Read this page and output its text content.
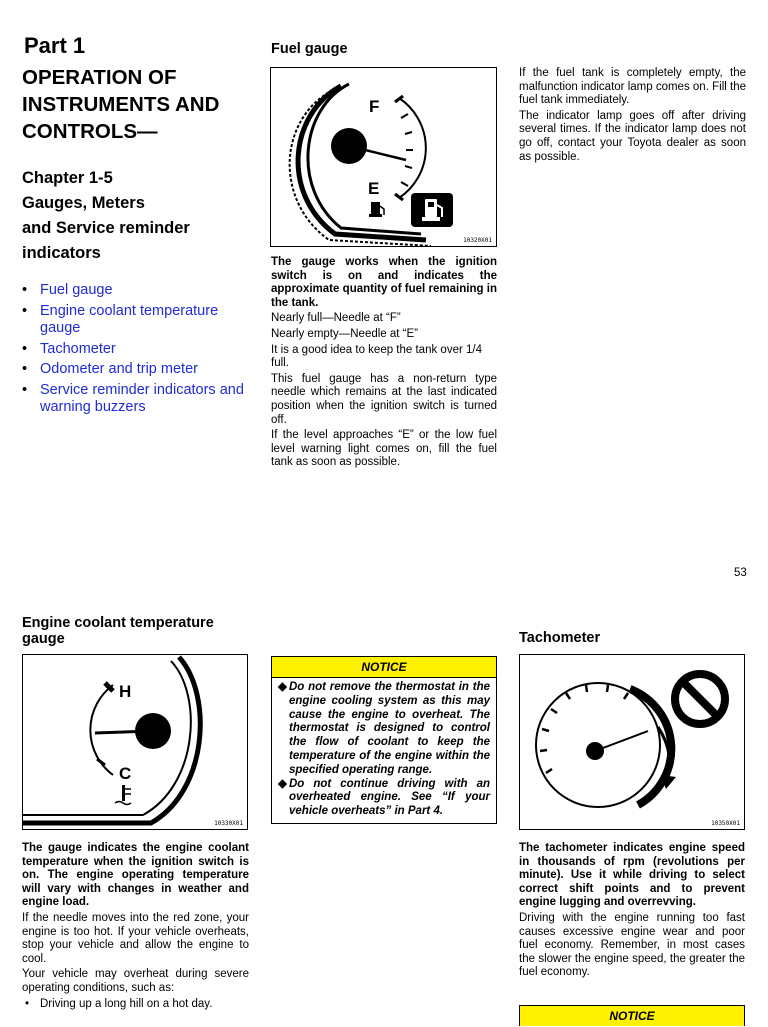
Part 1
OPERATION OF
INSTRUMENTS AND
CONTROLS—
Chapter 1-5
Gauges, Meters
and Service reminder
indicators
• Fuel gauge
• Engine coolant temperature gauge
• Tachometer
• Odometer and trip meter
• Service reminder indicators and warning buzzers
Fuel gauge
F
E
10320X01

The gauge works when the ignition switch is on and indicates the approximate quantity of fuel remaining in the tank.

Nearly full—Needle at “F”

Nearly empty—Needle at “E”

It is a good idea to keep the tank over 1/4 full.

This fuel gauge has a non-return type needle which remains at the last indicated position when the ignition switch is turned off.

If the level approaches “E” or the low fuel level warning light comes on, fill the fuel tank as soon as possible.

If the fuel tank is completely empty, the malfunction indicator lamp comes on. Fill the fuel tank immediately.

The indicator lamp goes off after driving several times. If the indicator lamp does not go off, contact your Toyota dealer as soon as possible.

53
Engine coolant temperature gauge
H
C
10330X01

The gauge indicates the engine coolant temperature when the ignition switch is on. The engine operating temperature will vary with changes in weather and engine load.

If the needle moves into the red zone, your engine is too hot. If your vehicle overheats, stop your vehicle and allow the engine to cool.

Your vehicle may overheat during severe operating conditions, such as:

• Driving up a long hill on a hot day.
NOTICE
◆ Do not remove the thermostat in the engine cooling system as this may cause the engine to overheat. The thermostat is designed to control the flow of coolant to keep the temperature of the engine within the specified operating range.
◆ Do not continue driving with an overheated engine. See “If your vehicle overheats” in Part 4.
Tachometer
10350X01

The tachometer indicates engine speed in thousands of rpm (revolutions per minute). Use it while driving to select correct shift points and to prevent engine lugging and overrevving.

Driving with the engine running too fast causes excessive engine wear and poor fuel economy. Remember, in most cases the slower the engine speed, the greater the fuel economy.

NOTICE
